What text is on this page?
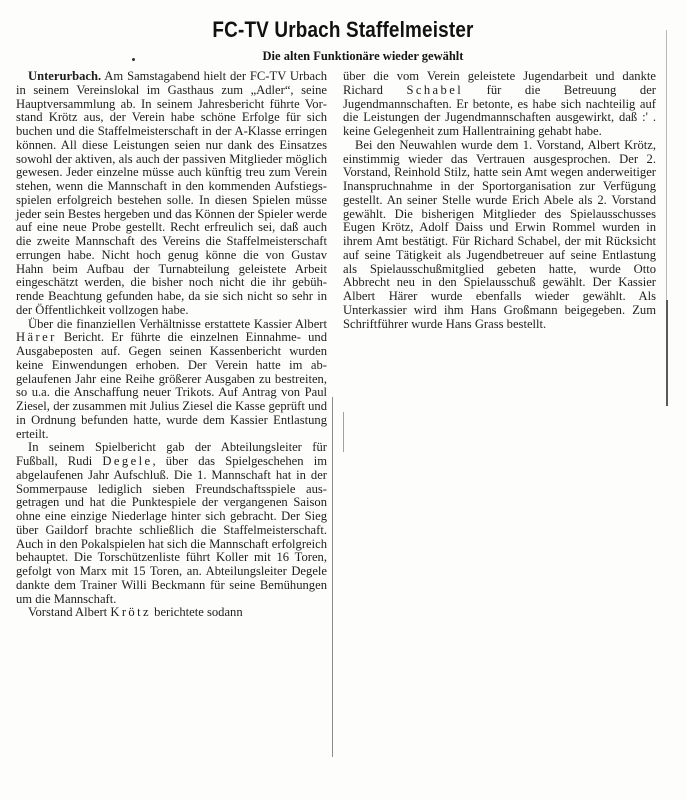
FC-TV Urbach Staffelmeister
Die alten Funktionäre wieder gewählt

Unterurbach. Am Samstagabend hielt der FC-TV Urbach in seinem Vereinslokal im Gasthaus zum „Adler“, seine Hauptversammlung ab. In seinem Jahresbericht führte Vorstand Krötz aus, der Verein habe schöne Erfolge für sich buchen und die Staffelmeisterschaft in der A-Klasse erringen können. All diese Leistungen seien nur dank des Einsatzes sowohl der aktiven, als auch der passiven Mitglieder möglich gewesen. Jeder einzelne müsse auch künftig treu zum Verein stehen, wenn die Mannschaft in den kommenden Aufstiegsspielen erfolgreich bestehen solle. In diesen Spielen müsse jeder sein Bestes hergeben und das Können der Spieler werde auf eine neue Probe gestellt. Recht erfreulich sei, daß auch die zweite Mannschaft des Vereins die Staffelmeisterschaft errungen habe. Nicht hoch genug könne die von Gustav Hahn beim Aufbau der Turnabteilung geleistete Arbeit eingeschätzt werden, die bisher noch nicht die ihr gebührende Beachtung gefunden habe, da sie sich nicht so sehr in der Öffentlichkeit vollzogen habe.

Über die finanziellen Verhältnisse erstattete Kassier Albert Härer Bericht. Er führte die einzelnen Einnahme- und Ausgabeposten auf. Gegen seinen Kassenbericht wurden keine Einwendungen erhoben. Der Verein hatte im abgelaufenen Jahr eine Reihe größerer Ausgaben zu bestreiten, so u.a. die Anschaffung neuer Trikots. Auf Antrag von Paul Ziesel, der zusammen mit Julius Ziesel die Kasse geprüft und in Ordnung befunden hatte, wurde dem Kassier Entlastung erteilt.

In seinem Spielbericht gab der Abteilungsleiter für Fußball, Rudi Degele, über das Spielgeschehen im abgelaufenen Jahr Aufschluß. Die 1. Mannschaft hat in der Sommerpause lediglich sieben Freundschaftsspiele ausgetragen und hat die Punktespiele der vergangenen Saison ohne eine einzige Niederlage hinter sich gebracht. Der Sieg über Gaildorf brachte schließlich die Staffelmeisterschaft. Auch in den Pokalspielen hat sich die Mannschaft erfolgreich behauptet. Die Torschützenliste führt Koller mit 16 Toren, gefolgt von Marx mit 15 Toren, an. Abteilungsleiter Degele dankte dem Trainer Willi Beckmann für seine Bemühungen um die Mannschaft.

Vorstand Albert Krötz berichtete sodann

über die vom Verein geleistete Jugendarbeit und dankte Richard Schabel für die Betreuung der Jugendmannschaften. Er betonte, es habe sich nachteilig auf die Leistungen der Jugendmannschaften ausgewirkt, daß :' . keine Gelegenheit zum Hallentraining gehabt habe.

Bei den Neuwahlen wurde dem 1. Vorstand, Albert Krötz, einstimmig wieder das Vertrauen ausgesprochen. Der 2. Vorstand, Reinhold Stilz, hatte sein Amt wegen anderweitiger Inanspruchnahme in der Sportorganisation zur Verfügung gestellt. An seiner Stelle wurde Erich Abele als 2. Vorstand gewählt. Die bisherigen Mitglieder des Spielausschusses Eugen Krötz, Adolf Daiss und Erwin Rommel wurden in ihrem Amt bestätigt. Für Richard Schabel, der mit Rücksicht auf seine Tätigkeit als Jugendbetreuer auf seine Entlastung als Spielausschußmitglied gebeten hatte, wurde Otto Abbrecht neu in den Spielausschuß gewählt. Der Kassier Albert Härer wurde ebenfalls wieder gewählt. Als Unterkassier wird ihm Hans Großmann beigegeben. Zum Schriftführer wurde Hans Grass bestellt.
